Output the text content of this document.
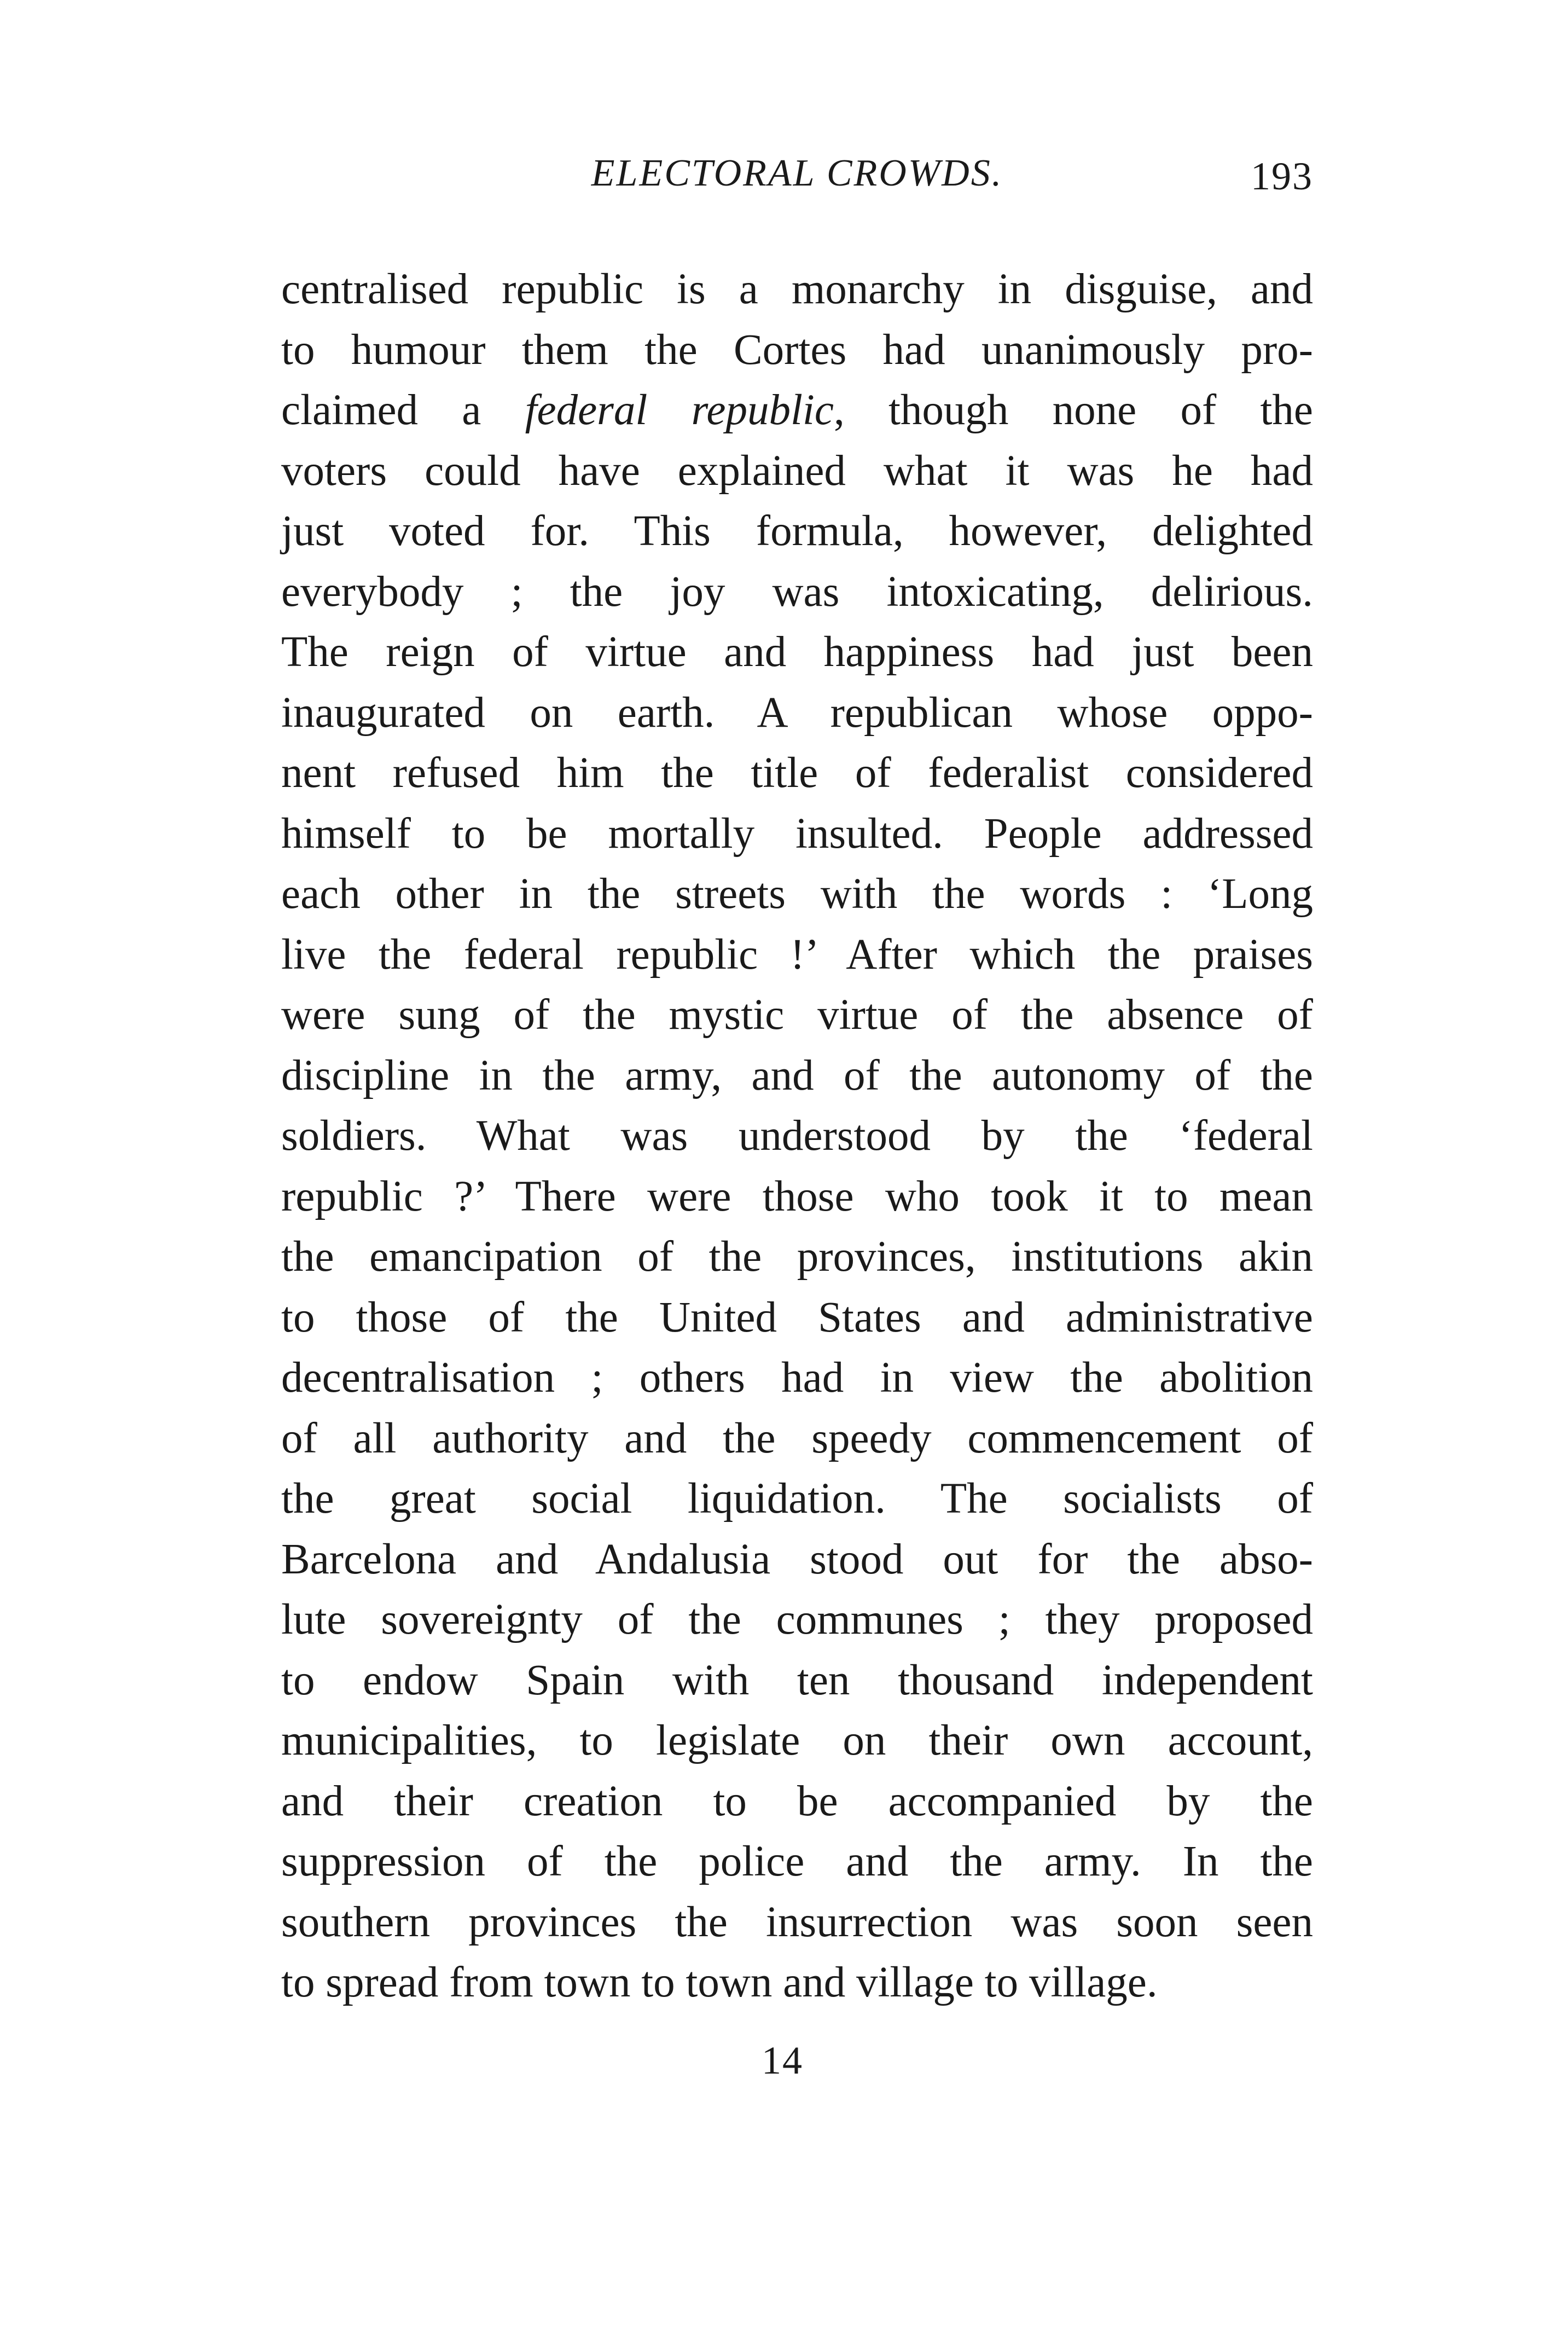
ELECTORAL CROWDS.	193
centralised republic is a monarchy in disguise, and
to humour them the Cortes had unanimously pro-
claimed a federal republic, though none of the
voters could have explained what it was he had
just voted for. This formula, however, delighted
everybody ; the joy was intoxicating, delirious.
The reign of virtue and happiness had just been
inaugurated on earth. A republican whose oppo-
nent refused him the title of federalist considered
himself to be mortally insulted. People addressed
each other in the streets with the words : ‘Long
live the federal republic !’ After which the praises
were sung of the mystic virtue of the absence of
discipline in the army, and of the autonomy of the
soldiers. What was understood by the ‘federal
republic ?’ There were those who took it to mean
the emancipation of the provinces, institutions akin
to those of the United States and administrative
decentralisation ; others had in view the abolition
of all authority and the speedy commencement of
the great social liquidation. The socialists of
Barcelona and Andalusia stood out for the abso-
lute sovereignty of the communes ; they proposed
to endow Spain with ten thousand independent
municipalities, to legislate on their own account,
and their creation to be accompanied by the
suppression of the police and the army. In the
southern provinces the insurrection was soon seen
to spread from town to town and village to village.
14
